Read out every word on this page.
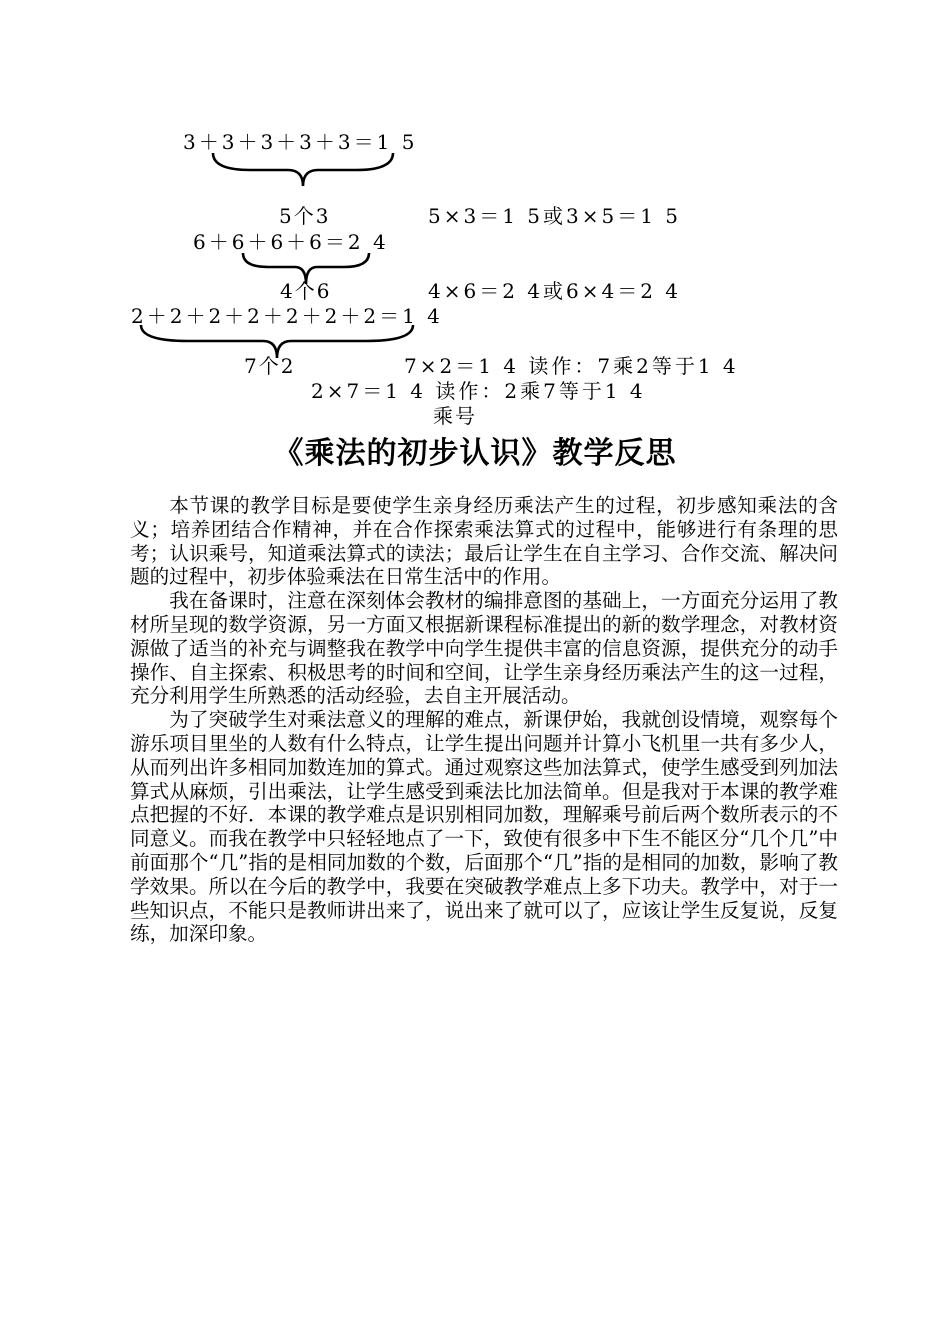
3＋3＋3＋3＋3＝1 5
5个3	5×3＝1 5或3×5＝1 5
6＋6＋6＋6＝2 4
4个6	4×6＝2 4或6×4＝2 4
2＋2＋2＋2＋2＋2＋2＝1 4
7个2	7×2＝1 4 读作：7乘2等于1 4
2×7＝1 4 读作：2乘7等于1 4
乘号
《乘法的初步认识》教学反思

本节课的教学目标是要使学生亲身经历乘法产生的过程，初步感知乘法的含义；培养团结合作精神，并在合作探索乘法算式的过程中，能够进行有条理的思考；认识乘号，知道乘法算式的读法；最后让学生在自主学习、合作交流、解决问题的过程中，初步体验乘法在日常生活中的作用。

我在备课时，注意在深刻体会教材的编排意图的基础上，一方面充分运用了教材所呈现的数学资源，另一方面又根据新课程标准提出的新的数学理念，对教材资源做了适当的补充与调整我在教学中向学生提供丰富的信息资源，提供充分的动手操作、自主探索、积极思考的时间和空间，让学生亲身经历乘法产生的这一过程，充分利用学生所熟悉的活动经验，去自主开展活动。

为了突破学生对乘法意义的理解的难点，新课伊始，我就创设情境，观察每个游乐项目里坐的人数有什么特点，让学生提出问题并计算小飞机里一共有多少人，从而列出许多相同加数连加的算式。通过观察这些加法算式，使学生感受到列加法算式从麻烦，引出乘法，让学生感受到乘法比加法简单。但是我对于本课的教学难点把握的不好．本课的教学难点是识别相同加数，理解乘号前后两个数所表示的不同意义。而我在教学中只轻轻地点了一下，致使有很多中下生不能区分“几个几”中前面那个“几”指的是相同加数的个数，后面那个“几”指的是相同的加数，影响了教学效果。所以在今后的教学中，我要在突破教学难点上多下功夫。教学中，对于一些知识点，不能只是教师讲出来了，说出来了就可以了，应该让学生反复说，反复练，加深印象。
